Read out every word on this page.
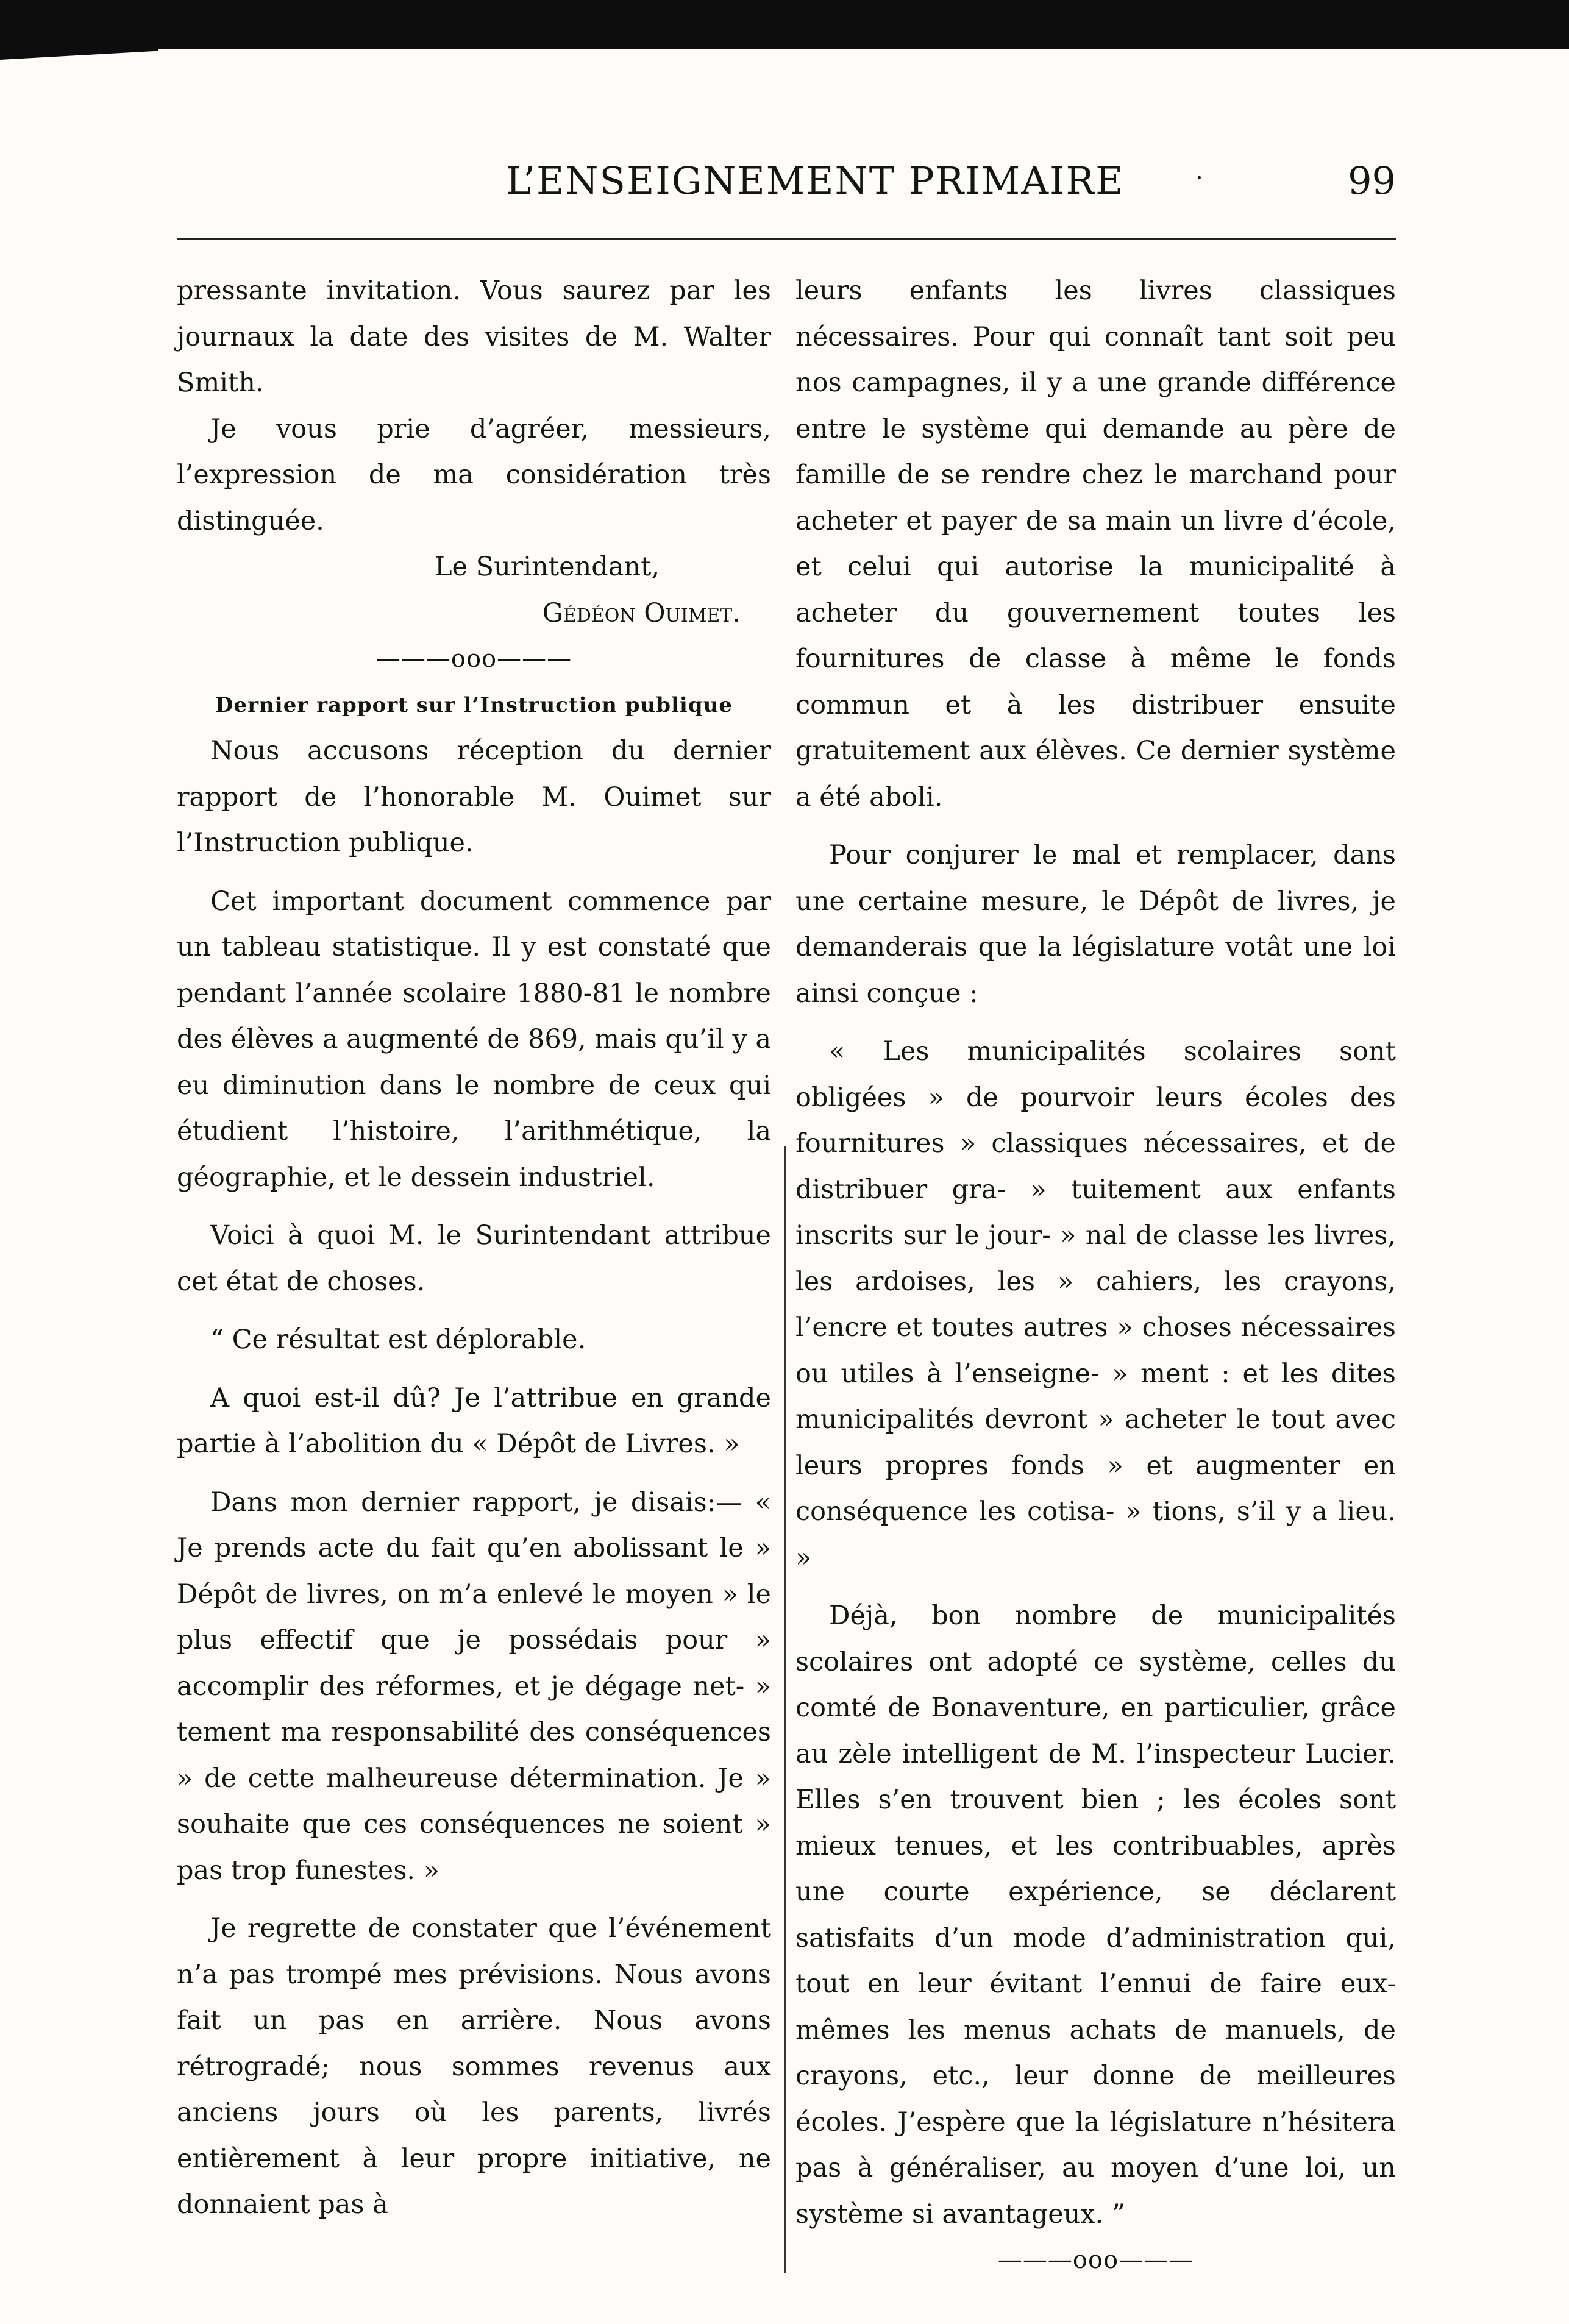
L’ENSEIGNEMENT PRIMAIRE	·	99

pressante invitation. Vous saurez par les journaux la date des visites de M. Walter Smith.

Je vous prie d’agréer, messieurs, l’expression de ma considération très distinguée.

Le Surintendant,

Gédéon Ouimet.

———ooo———

Dernier rapport sur l’Instruction publique

Nous accusons réception du dernier rapport de l’honorable M. Ouimet sur l’Instruction publique.

Cet important document commence par un tableau statistique. Il y est constaté que pendant l’année scolaire 1880-81 le nombre des élèves a augmenté de 869, mais qu’il y a eu diminution dans le nombre de ceux qui étudient l’histoire, l’arithmétique, la géographie, et le dessein industriel.

Voici à quoi M. le Surintendant attribue cet état de choses.

“ Ce résultat est déplorable.

A quoi est-il dû? Je l’attribue en grande partie à l’abolition du « Dépôt de Livres. »

Dans mon dernier rapport, je disais:— « Je prends acte du fait qu’en abolissant le » Dépôt de livres, on m’a enlevé le moyen » le plus effectif que je possédais pour » accomplir des réformes, et je dégage net- » tement ma responsabilité des conséquences » de cette malheureuse détermination. Je » souhaite que ces conséquences ne soient » pas trop funestes. »

Je regrette de constater que l’événement n’a pas trompé mes prévisions. Nous avons fait un pas en arrière. Nous avons rétrogradé; nous sommes revenus aux anciens jours où les parents, livrés entièrement à leur propre initiative, ne donnaient pas à

leurs enfants les livres classiques nécessaires. Pour qui connaît tant soit peu nos campagnes, il y a une grande différence entre le système qui demande au père de famille de se rendre chez le marchand pour acheter et payer de sa main un livre d’école, et celui qui autorise la municipalité à acheter du gouvernement toutes les fournitures de classe à même le fonds commun et à les distribuer ensuite gratuitement aux élèves. Ce dernier système a été aboli.

Pour conjurer le mal et remplacer, dans une certaine mesure, le Dépôt de livres, je demanderais que la législature votât une loi ainsi conçue :

« Les municipalités scolaires sont obligées » de pourvoir leurs écoles des fournitures » classiques nécessaires, et de distribuer gra- » tuitement aux enfants inscrits sur le jour- » nal de classe les livres, les ardoises, les » cahiers, les crayons, l’encre et toutes autres » choses nécessaires ou utiles à l’enseigne- » ment : et les dites municipalités devront » acheter le tout avec leurs propres fonds » et augmenter en conséquence les cotisa- » tions, s’il y a lieu. »

Déjà, bon nombre de municipalités scolaires ont adopté ce système, celles du comté de Bonaventure, en particulier, grâce au zèle intelligent de M. l’inspecteur Lucier. Elles s’en trouvent bien ; les écoles sont mieux tenues, et les contribuables, après une courte expérience, se déclarent satisfaits d’un mode d’administration qui, tout en leur évitant l’ennui de faire eux-mêmes les menus achats de manuels, de crayons, etc., leur donne de meilleures écoles. J’espère que la législature n’hésitera pas à généraliser, au moyen d’une loi, un système si avantageux. ”

———ooo———
